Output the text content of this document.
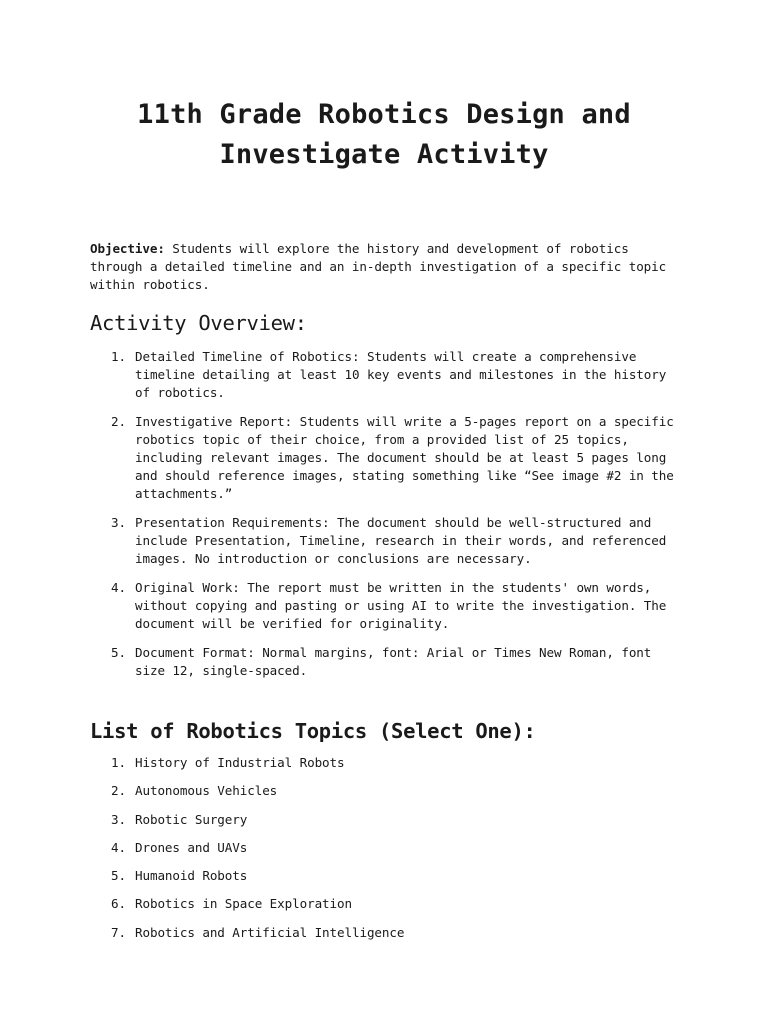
11th Grade Robotics Design and
Investigate Activity

Objective: Students will explore the history and development of robotics through a detailed timeline and an in-depth investigation of a specific topic within robotics.

Activity Overview:
1. Detailed Timeline of Robotics: Students will create a comprehensive timeline detailing at least 10 key events and milestones in the history of robotics.
2. Investigative Report: Students will write a 5-pages report on a specific robotics topic of their choice, from a provided list of 25 topics, including relevant images. The document should be at least 5 pages long and should reference images, stating something like “See image #2 in the attachments.”
3. Presentation Requirements: The document should be well-structured and include Presentation, Timeline, research in their words, and referenced images. No introduction or conclusions are necessary.
4. Original Work: The report must be written in the students' own words, without copying and pasting or using AI to write the investigation. The document will be verified for originality.
5. Document Format: Normal margins, font: Arial or Times New Roman, font size 12, single-spaced.
List of Robotics Topics (Select One):
1. History of Industrial Robots
2. Autonomous Vehicles
3. Robotic Surgery
4. Drones and UAVs
5. Humanoid Robots
6. Robotics in Space Exploration
7. Robotics and Artificial Intelligence
